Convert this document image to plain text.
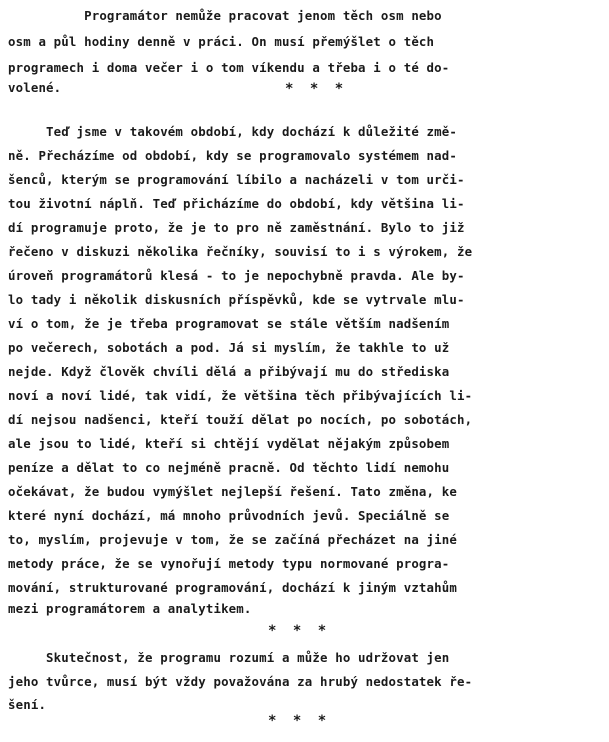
Programátor nemůže pracovat jenom těch osm nebo
osm a půl hodiny denně v práci. On musí přemýšlet o těch
programech i doma večer i o tom víkendu a třeba i o té do-
volené.	* * *
Teď jsme v takovém období, kdy dochází k důležité změ-
ně. Přecházíme od období, kdy se programovalo systémem nad-
šenců, kterým se programování líbilo a nacházeli v tom urči-
tou životní náplň. Teď přicházíme do období, kdy většina li-
dí programuje proto, že je to pro ně zaměstnání. Bylo to již
řečeno v diskuzi několika řečníky, souvisí to i s výrokem, že
úroveň programátorů klesá - to je nepochybně pravda. Ale by-
lo tady i několik diskusních příspěvků, kde se vytrvale mlu-
ví o tom, že je třeba programovat se stále větším nadšením
po večerech, sobotách a pod. Já si myslím, že takhle to už
nejde. Když člověk chvíli dělá a přibývají mu do střediska
noví a noví lidé, tak vidí, že většina těch přibývajících li-
dí nejsou nadšenci, kteří touží dělat po nocích, po sobotách,
ale jsou to lidé, kteří si chtějí vydělat nějakým způsobem
peníze a dělat to co nejméně pracně. Od těchto lidí nemohu
očekávat, že budou vymýšlet nejlepší řešení. Tato změna, ke
které nyní dochází, má mnoho průvodních jevů. Speciálně se
to, myslím, projevuje v tom, že se začíná přecházet na jiné
metody práce, že se vynořují metody typu normované progra-
mování, strukturované programování, dochází k jiným vztahům
mezi programátorem a analytikem.
* * *
Skutečnost, že programu rozumí a může ho udržovat jen
jeho tvůrce, musí být vždy považována za hrubý nedostatek ře-
šení.
* * *
